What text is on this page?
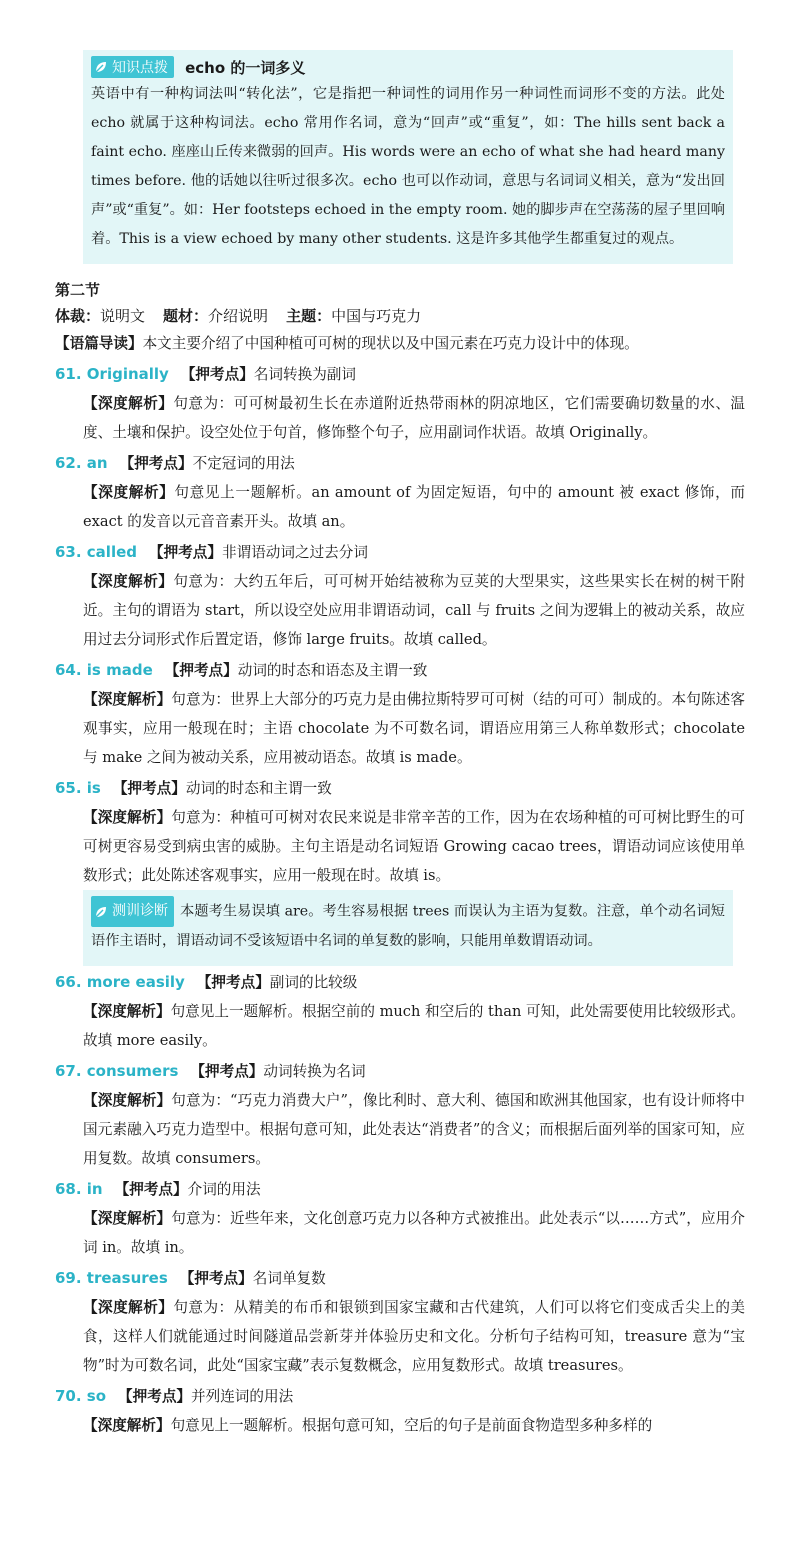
知识点拨 echo 的一词多义
英语中有一种构词法叫“转化法”，它是指把一种词性的词用作另一种词性而词形不变的方法。此处 echo 就属于这种构词法。echo 常用作名词，意为“回声”或“重复”，如：The hills sent back a faint echo. 座座山丘传来微弱的回声。His words were an echo of what she had heard many times before. 他的话她以往听过很多次。echo 也可以作动词，意思与名词词义相关，意为“发出回声”或“重复”。如：Her footsteps echoed in the empty room. 她的脚步声在空荡荡的屋子里回响着。This is a view echoed by many other students. 这是许多其他学生都重复过的观点。
第二节
体裁：说明文 题材：介绍说明 主题：中国与巧克力
【语篇导读】本文主要介绍了中国种植可可树的现状以及中国元素在巧克力设计中的体现。
61. Originally 【押考点】名词转换为副词
【深度解析】句意为：可可树最初生长在赤道附近热带雨林的阴凉地区，它们需要确切数量的水、温度、土壤和保护。设空处位于句首，修饰整个句子，应用副词作状语。故填 Originally。
62. an 【押考点】不定冠词的用法
【深度解析】句意见上一题解析。an amount of 为固定短语，句中的 amount 被 exact 修饰，而 exact 的发音以元音音素开头。故填 an。
63. called 【押考点】非谓语动词之过去分词
【深度解析】句意为：大约五年后，可可树开始结被称为豆荚的大型果实，这些果实长在树的树干附近。主句的谓语为 start，所以设空处应用非谓语动词，call 与 fruits 之间为逻辑上的被动关系，故应用过去分词形式作后置定语，修饰 large fruits。故填 called。
64. is made 【押考点】动词的时态和语态及主谓一致
【深度解析】句意为：世界上大部分的巧克力是由佛拉斯特罗可可树（结的可可）制成的。本句陈述客观事实，应用一般现在时；主语 chocolate 为不可数名词，谓语应用第三人称单数形式；chocolate 与 make 之间为被动关系，应用被动语态。故填 is made。
65. is 【押考点】动词的时态和主谓一致
【深度解析】句意为：种植可可树对农民来说是非常辛苦的工作，因为在农场种植的可可树比野生的可可树更容易受到病虫害的威胁。主句主语是动名词短语 Growing cacao trees，谓语动词应该使用单数形式；此处陈述客观事实，应用一般现在时。故填 is。
测训诊断 本题考生易误填 are。考生容易根据 trees 而误认为主语为复数。注意，单个动名词短语作主语时，谓语动词不受该短语中名词的单复数的影响，只能用单数谓语动词。
66. more easily 【押考点】副词的比较级
【深度解析】句意见上一题解析。根据空前的 much 和空后的 than 可知，此处需要使用比较级形式。故填 more easily。
67. consumers 【押考点】动词转换为名词
【深度解析】句意为：“巧克力消费大户”，像比利时、意大利、德国和欧洲其他国家，也有设计师将中国元素融入巧克力造型中。根据句意可知，此处表达“消费者”的含义；而根据后面列举的国家可知，应用复数。故填 consumers。
68. in 【押考点】介词的用法
【深度解析】句意为：近些年来，文化创意巧克力以各种方式被推出。此处表示“以……方式”，应用介词 in。故填 in。
69. treasures 【押考点】名词单复数
【深度解析】句意为：从精美的布币和银锁到国家宝藏和古代建筑，人们可以将它们变成舌尖上的美食，这样人们就能通过时间隧道品尝新芽并体验历史和文化。分析句子结构可知，treasure 意为“宝物”时为可数名词，此处“国家宝藏”表示复数概念，应用复数形式。故填 treasures。
70. so 【押考点】并列连词的用法
【深度解析】句意见上一题解析。根据句意可知，空后的句子是前面食物造型多种多样的
